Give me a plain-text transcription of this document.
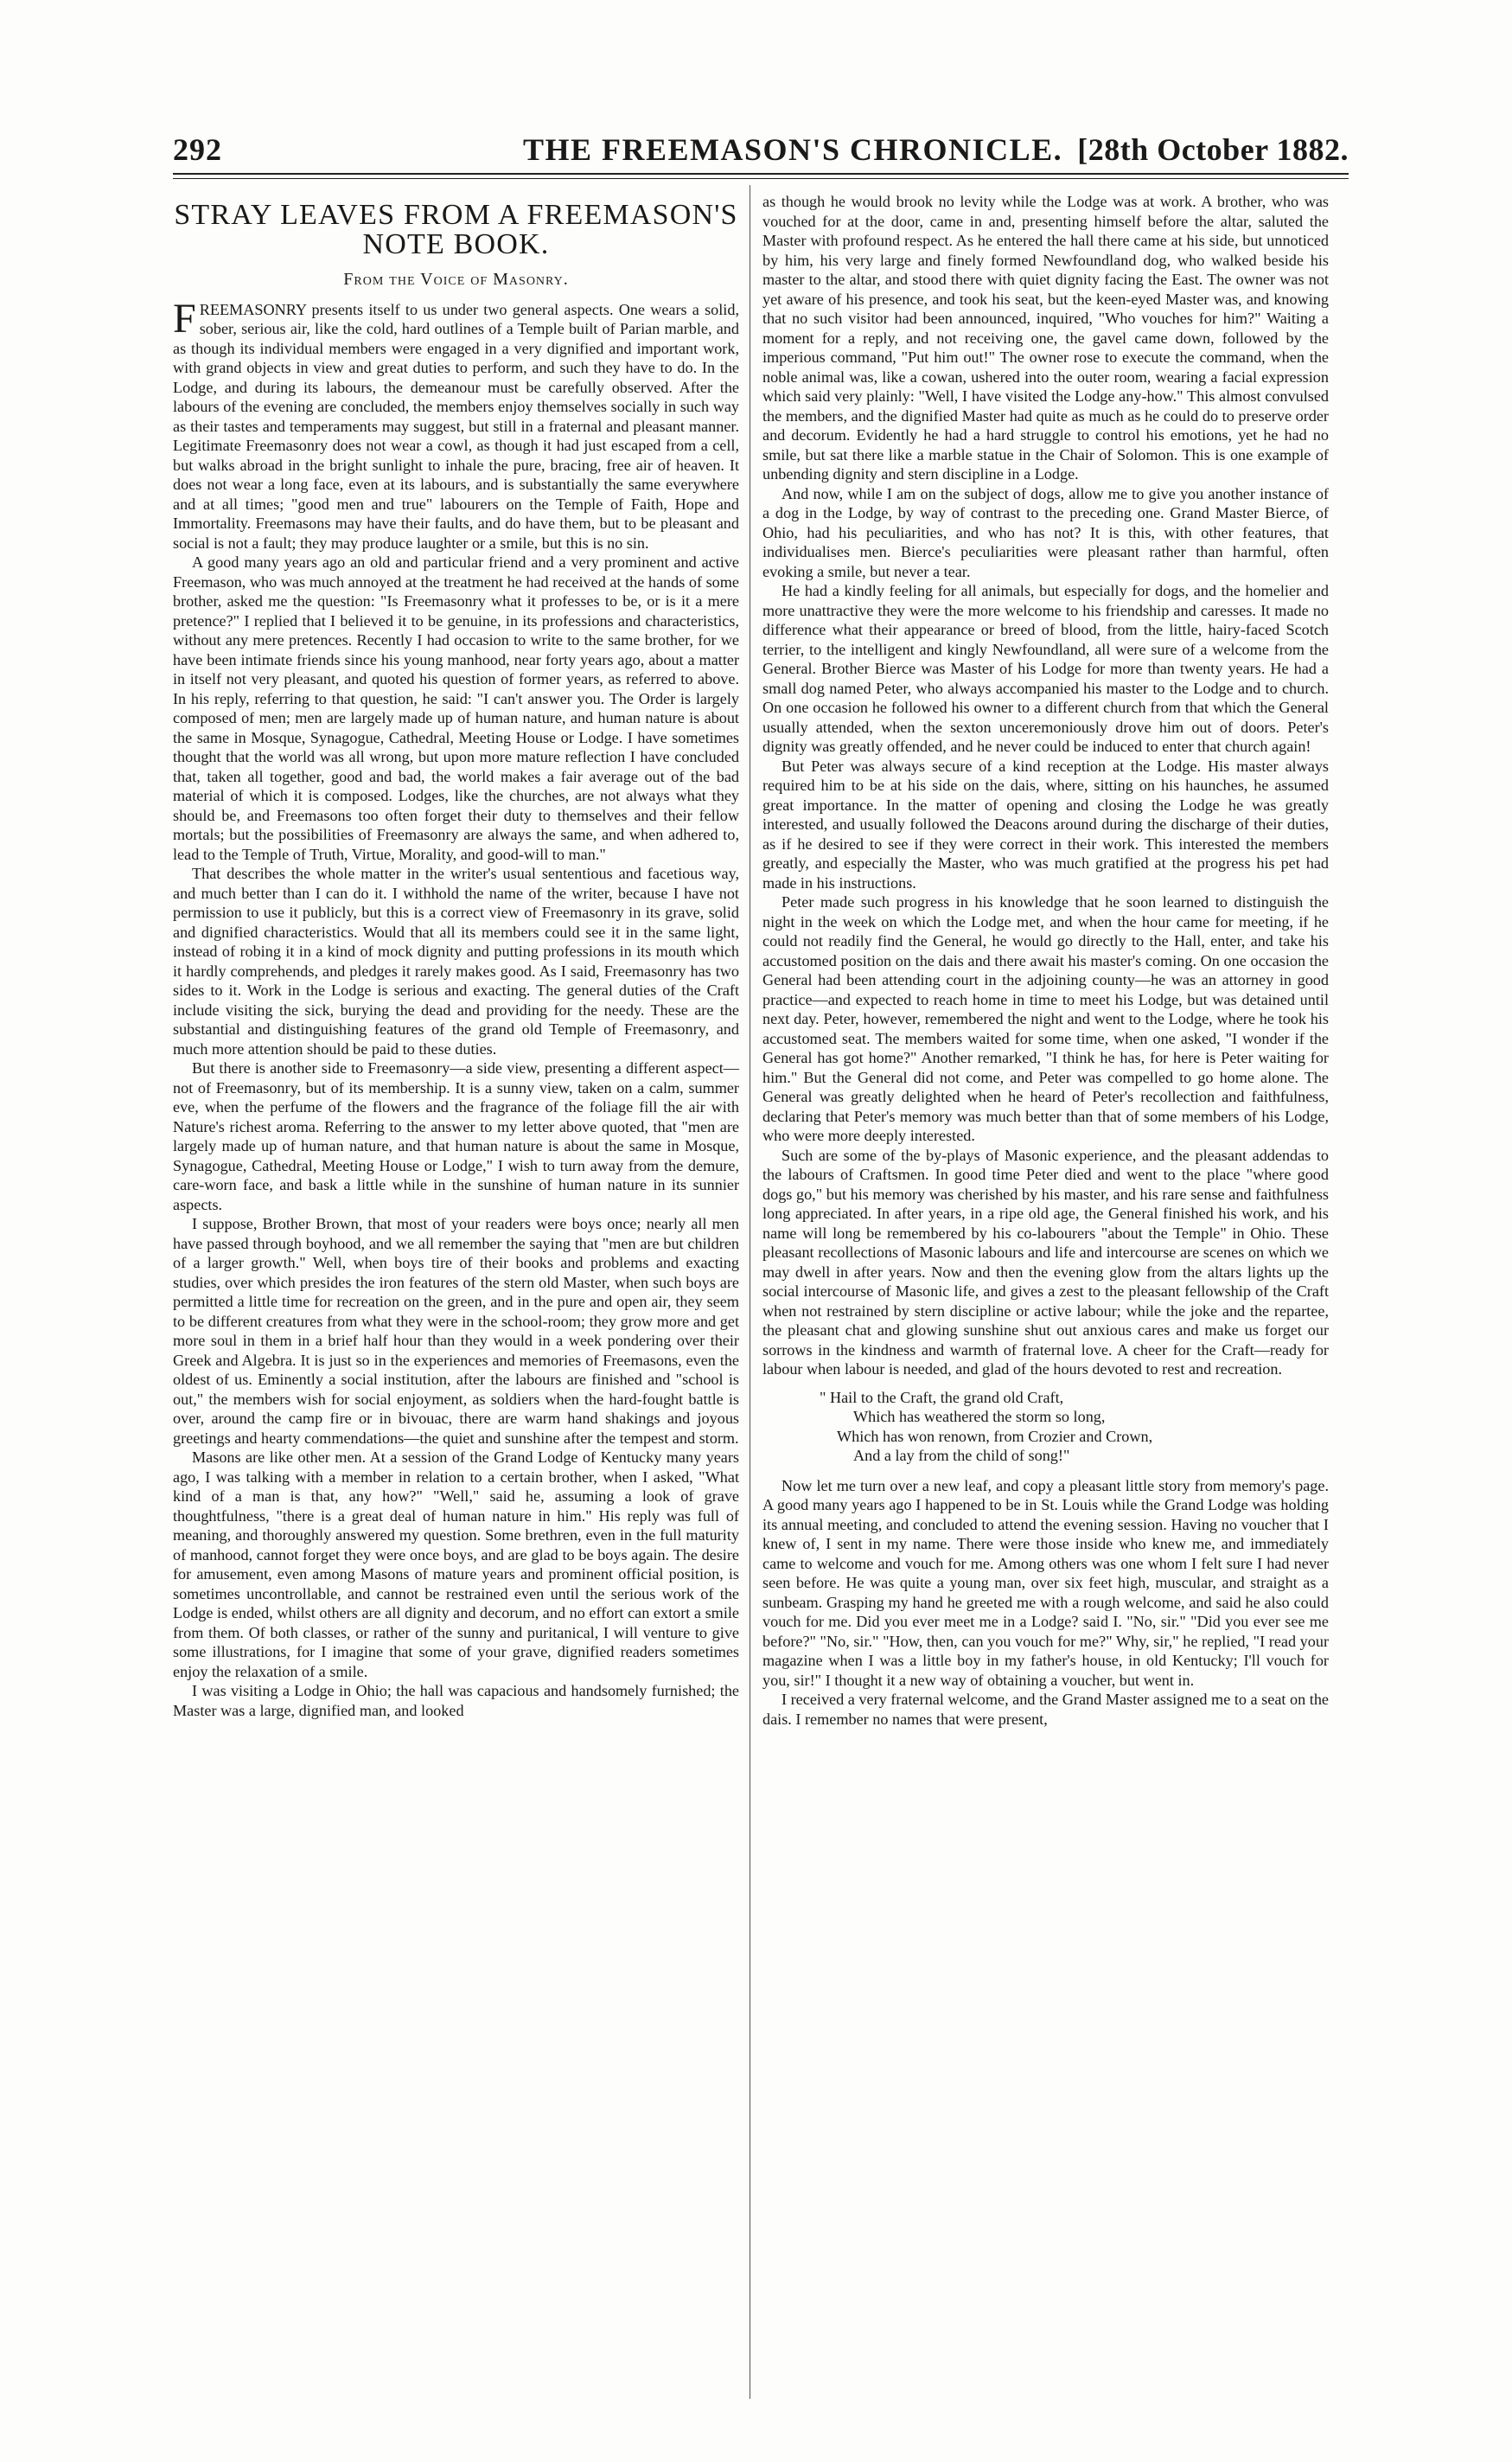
292	THE FREEMASON'S CHRONICLE. [28th October 1882.
STRAY LEAVES FROM A FREEMASON'S NOTE BOOK.
From the Voice of Masonry.

FREEMASONRY presents itself to us under two general aspects. One wears a solid, sober, serious air, like the cold, hard outlines of a Temple built of Parian marble, and as though its individual members were engaged in a very dignified and important work, with grand objects in view and great duties to perform, and such they have to do. In the Lodge, and during its labours, the demeanour must be carefully observed. After the labours of the evening are concluded, the members enjoy themselves socially in such way as their tastes and temperaments may suggest, but still in a fraternal and pleasant manner. Legitimate Freemasonry does not wear a cowl, as though it had just escaped from a cell, but walks abroad in the bright sunlight to inhale the pure, bracing, free air of heaven. It does not wear a long face, even at its labours, and is substantially the same everywhere and at all times; "good men and true" labourers on the Temple of Faith, Hope and Immortality. Freemasons may have their faults, and do have them, but to be pleasant and social is not a fault; they may produce laughter or a smile, but this is no sin.

A good many years ago an old and particular friend and a very prominent and active Freemason, who was much annoyed at the treatment he had received at the hands of some brother, asked me the question: "Is Freemasonry what it professes to be, or is it a mere pretence?" I replied that I believed it to be genuine, in its professions and characteristics, without any mere pretences. Recently I had occasion to write to the same brother, for we have been intimate friends since his young manhood, near forty years ago, about a matter in itself not very pleasant, and quoted his question of former years, as referred to above. In his reply, referring to that question, he said: "I can't answer you. The Order is largely composed of men; men are largely made up of human nature, and human nature is about the same in Mosque, Synagogue, Cathedral, Meeting House or Lodge. I have sometimes thought that the world was all wrong, but upon more mature reflection I have concluded that, taken all together, good and bad, the world makes a fair average out of the bad material of which it is composed. Lodges, like the churches, are not always what they should be, and Freemasons too often forget their duty to themselves and their fellow mortals; but the possibilities of Freemasonry are always the same, and when adhered to, lead to the Temple of Truth, Virtue, Morality, and good-will to man."

That describes the whole matter in the writer's usual sententious and facetious way, and much better than I can do it. I withhold the name of the writer, because I have not permission to use it publicly, but this is a correct view of Freemasonry in its grave, solid and dignified characteristics. Would that all its members could see it in the same light, instead of robing it in a kind of mock dignity and putting professions in its mouth which it hardly comprehends, and pledges it rarely makes good. As I said, Freemasonry has two sides to it. Work in the Lodge is serious and exacting. The general duties of the Craft include visiting the sick, burying the dead and providing for the needy. These are the substantial and distinguishing features of the grand old Temple of Freemasonry, and much more attention should be paid to these duties.

But there is another side to Freemasonry—a side view, presenting a different aspect—not of Freemasonry, but of its membership. It is a sunny view, taken on a calm, summer eve, when the perfume of the flowers and the fragrance of the foliage fill the air with Nature's richest aroma. Referring to the answer to my letter above quoted, that "men are largely made up of human nature, and that human nature is about the same in Mosque, Synagogue, Cathedral, Meeting House or Lodge," I wish to turn away from the demure, care-worn face, and bask a little while in the sunshine of human nature in its sunnier aspects.

I suppose, Brother Brown, that most of your readers were boys once; nearly all men have passed through boyhood, and we all remember the saying that "men are but children of a larger growth." Well, when boys tire of their books and problems and exacting studies, over which presides the iron features of the stern old Master, when such boys are permitted a little time for recreation on the green, and in the pure and open air, they seem to be different creatures from what they were in the school-room; they grow more and get more soul in them in a brief half hour than they would in a week pondering over their Greek and Algebra. It is just so in the experiences and memories of Freemasons, even the oldest of us. Eminently a social institution, after the labours are finished and "school is out," the members wish for social enjoyment, as soldiers when the hard-fought battle is over, around the camp fire or in bivouac, there are warm hand shakings and joyous greetings and hearty commendations—the quiet and sunshine after the tempest and storm.

Masons are like other men. At a session of the Grand Lodge of Kentucky many years ago, I was talking with a member in relation to a certain brother, when I asked, "What kind of a man is that, any how?" "Well," said he, assuming a look of grave thoughtfulness, "there is a great deal of human nature in him." His reply was full of meaning, and thoroughly answered my question. Some brethren, even in the full maturity of manhood, cannot forget they were once boys, and are glad to be boys again. The desire for amusement, even among Masons of mature years and prominent official position, is sometimes uncontrollable, and cannot be restrained even until the serious work of the Lodge is ended, whilst others are all dignity and decorum, and no effort can extort a smile from them. Of both classes, or rather of the sunny and puritanical, I will venture to give some illustrations, for I imagine that some of your grave, dignified readers sometimes enjoy the relaxation of a smile.

I was visiting a Lodge in Ohio; the hall was capacious and handsomely furnished; the Master was a large, dignified man, and looked

as though he would brook no levity while the Lodge was at work. A brother, who was vouched for at the door, came in and, presenting himself before the altar, saluted the Master with profound respect. As he entered the hall there came at his side, but unnoticed by him, his very large and finely formed Newfoundland dog, who walked beside his master to the altar, and stood there with quiet dignity facing the East. The owner was not yet aware of his presence, and took his seat, but the keen-eyed Master was, and knowing that no such visitor had been announced, inquired, "Who vouches for him?" Waiting a moment for a reply, and not receiving one, the gavel came down, followed by the imperious command, "Put him out!" The owner rose to execute the command, when the noble animal was, like a cowan, ushered into the outer room, wearing a facial expression which said very plainly: "Well, I have visited the Lodge any-how." This almost convulsed the members, and the dignified Master had quite as much as he could do to preserve order and decorum. Evidently he had a hard struggle to control his emotions, yet he had no smile, but sat there like a marble statue in the Chair of Solomon. This is one example of unbending dignity and stern discipline in a Lodge.

And now, while I am on the subject of dogs, allow me to give you another instance of a dog in the Lodge, by way of contrast to the preceding one. Grand Master Bierce, of Ohio, had his peculiarities, and who has not? It is this, with other features, that individualises men. Bierce's peculiarities were pleasant rather than harmful, often evoking a smile, but never a tear.

He had a kindly feeling for all animals, but especially for dogs, and the homelier and more unattractive they were the more welcome to his friendship and caresses. It made no difference what their appearance or breed of blood, from the little, hairy-faced Scotch terrier, to the intelligent and kingly Newfoundland, all were sure of a welcome from the General. Brother Bierce was Master of his Lodge for more than twenty years. He had a small dog named Peter, who always accompanied his master to the Lodge and to church. On one occasion he followed his owner to a different church from that which the General usually attended, when the sexton unceremoniously drove him out of doors. Peter's dignity was greatly offended, and he never could be induced to enter that church again!

But Peter was always secure of a kind reception at the Lodge. His master always required him to be at his side on the dais, where, sitting on his haunches, he assumed great importance. In the matter of opening and closing the Lodge he was greatly interested, and usually followed the Deacons around during the discharge of their duties, as if he desired to see if they were correct in their work. This interested the members greatly, and especially the Master, who was much gratified at the progress his pet had made in his instructions.

Peter made such progress in his knowledge that he soon learned to distinguish the night in the week on which the Lodge met, and when the hour came for meeting, if he could not readily find the General, he would go directly to the Hall, enter, and take his accustomed position on the dais and there await his master's coming. On one occasion the General had been attending court in the adjoining county—he was an attorney in good practice—and expected to reach home in time to meet his Lodge, but was detained until next day. Peter, however, remembered the night and went to the Lodge, where he took his accustomed seat. The members waited for some time, when one asked, "I wonder if the General has got home?" Another remarked, "I think he has, for here is Peter waiting for him." But the General did not come, and Peter was compelled to go home alone. The General was greatly delighted when he heard of Peter's recollection and faithfulness, declaring that Peter's memory was much better than that of some members of his Lodge, who were more deeply interested.

Such are some of the by-plays of Masonic experience, and the pleasant addendas to the labours of Craftsmen. In good time Peter died and went to the place "where good dogs go," but his memory was cherished by his master, and his rare sense and faithfulness long appreciated. In after years, in a ripe old age, the General finished his work, and his name will long be remembered by his co-labourers "about the Temple" in Ohio. These pleasant recollections of Masonic labours and life and intercourse are scenes on which we may dwell in after years. Now and then the evening glow from the altars lights up the social intercourse of Masonic life, and gives a zest to the pleasant fellowship of the Craft when not restrained by stern discipline or active labour; while the joke and the repartee, the pleasant chat and glowing sunshine shut out anxious cares and make us forget our sorrows in the kindness and warmth of fraternal love. A cheer for the Craft—ready for labour when labour is needed, and glad of the hours devoted to rest and recreation.

" Hail to the Craft, the grand old Craft,
Which has weathered the storm so long,
Which has won renown, from Crozier and Crown,
And a lay from the child of song!"

Now let me turn over a new leaf, and copy a pleasant little story from memory's page. A good many years ago I happened to be in St. Louis while the Grand Lodge was holding its annual meeting, and concluded to attend the evening session. Having no voucher that I knew of, I sent in my name. There were those inside who knew me, and immediately came to welcome and vouch for me. Among others was one whom I felt sure I had never seen before. He was quite a young man, over six feet high, muscular, and straight as a sunbeam. Grasping my hand he greeted me with a rough welcome, and said he also could vouch for me. Did you ever meet me in a Lodge? said I. "No, sir." "Did you ever see me before?" "No, sir." "How, then, can you vouch for me?" Why, sir," he replied, "I read your magazine when I was a little boy in my father's house, in old Kentucky; I'll vouch for you, sir!" I thought it a new way of obtaining a voucher, but went in.

I received a very fraternal welcome, and the Grand Master assigned me to a seat on the dais. I remember no names that were present,
